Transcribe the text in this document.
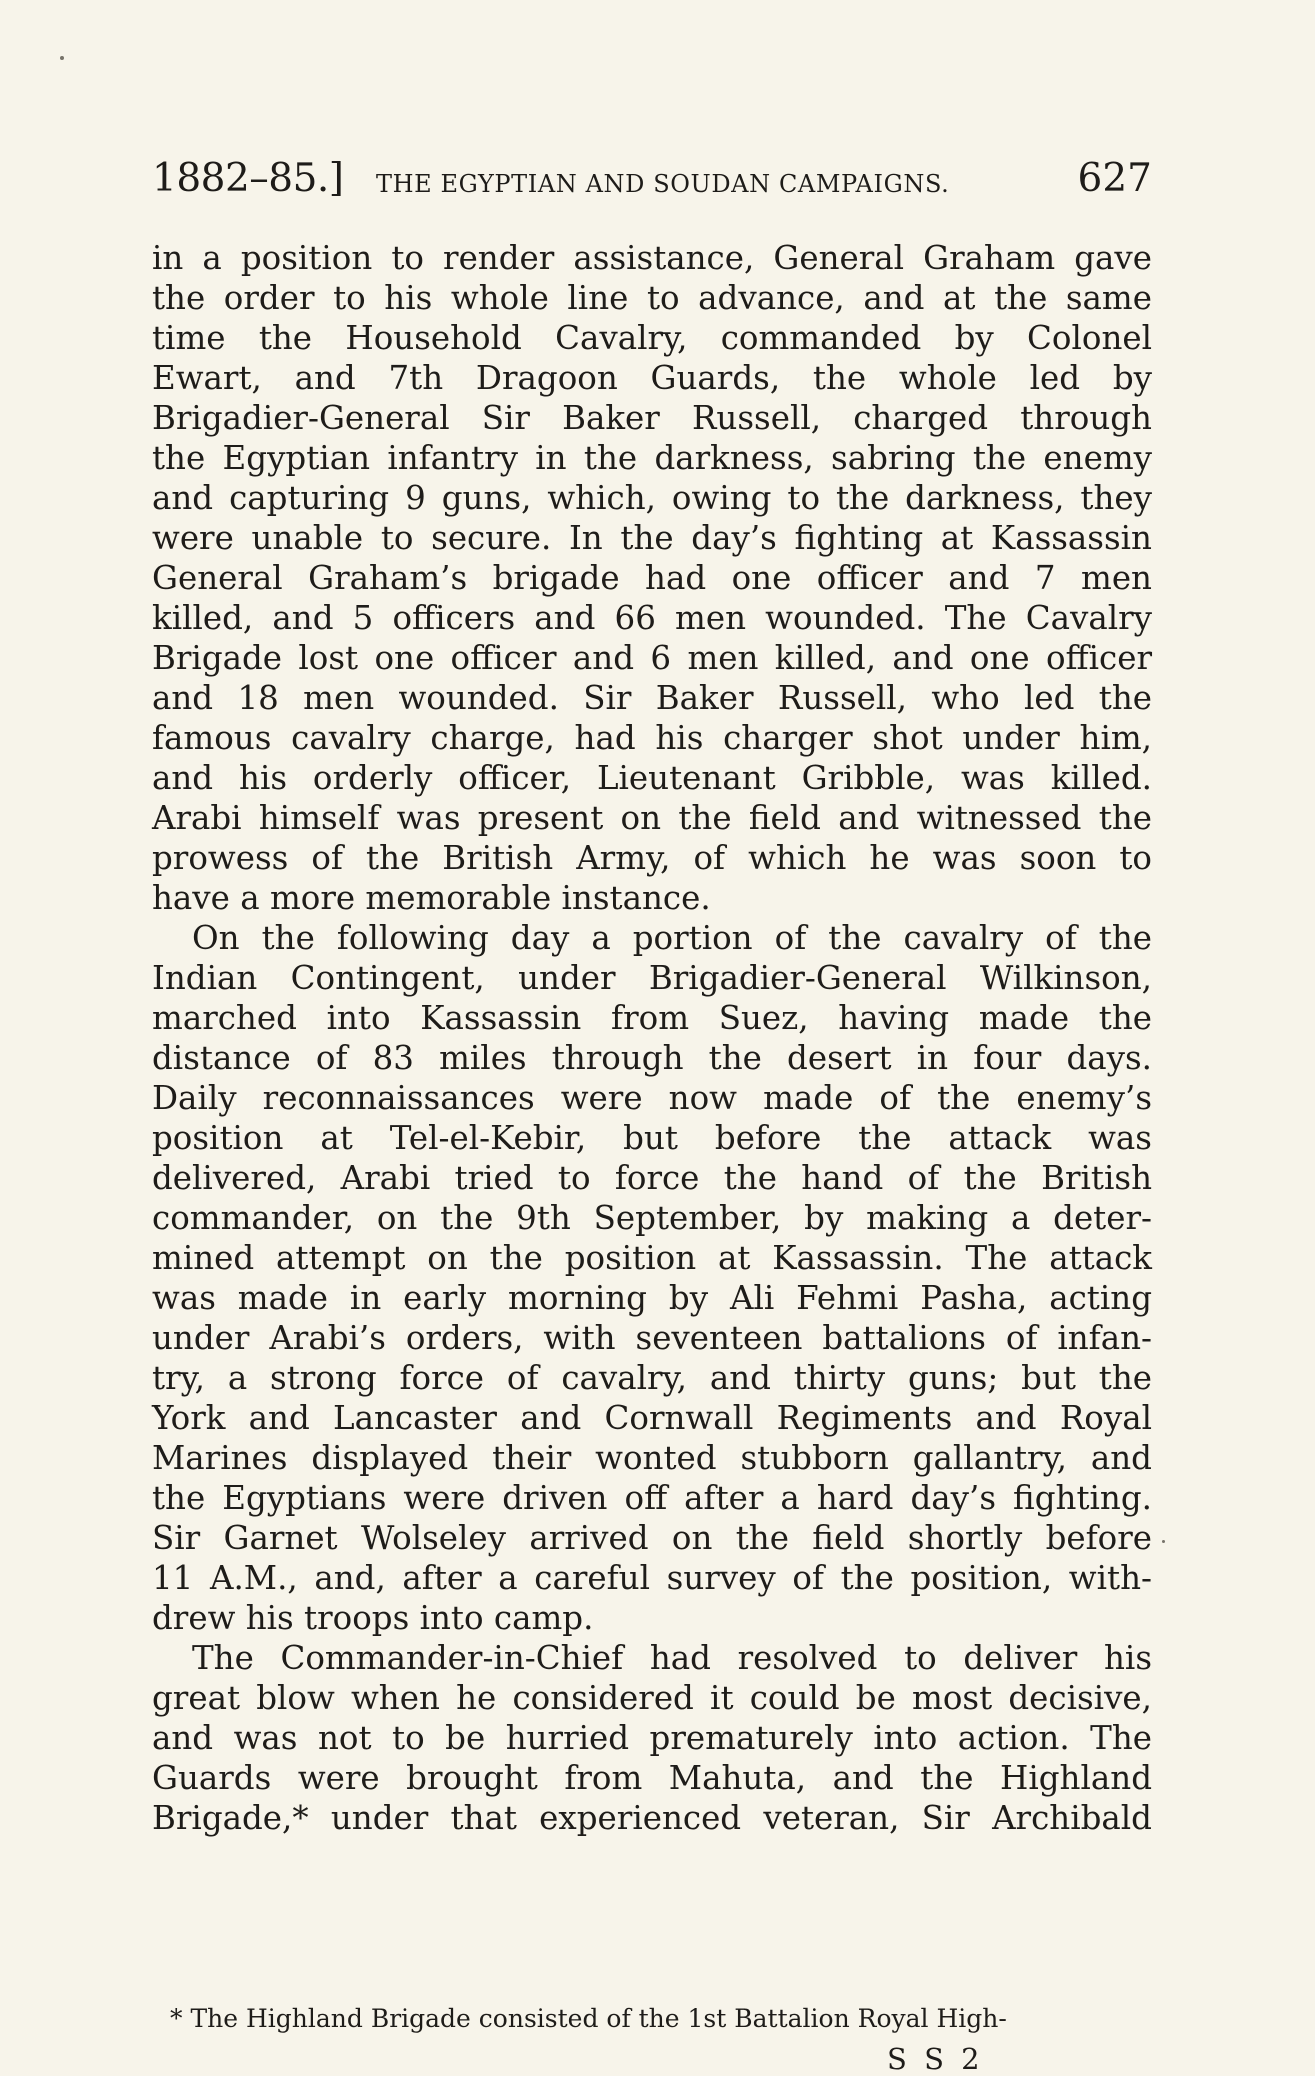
1882–85.] THE EGYPTIAN AND SOUDAN CAMPAIGNS.	627
in a position to render assistance, General Graham gave
the order to his whole line to advance, and at the same
time the Household Cavalry, commanded by Colonel
Ewart, and 7th Dragoon Guards, the whole led by
Brigadier-General Sir Baker Russell, charged through
the Egyptian infantry in the darkness, sabring the enemy
and capturing 9 guns, which, owing to the darkness, they
were unable to secure. In the day’s fighting at Kassassin
General Graham’s brigade had one officer and 7 men
killed, and 5 officers and 66 men wounded. The Cavalry
Brigade lost one officer and 6 men killed, and one officer
and 18 men wounded. Sir Baker Russell, who led the
famous cavalry charge, had his charger shot under him,
and his orderly officer, Lieutenant Gribble, was killed.
Arabi himself was present on the field and witnessed the
prowess of the British Army, of which he was soon to
have a more memorable instance.
On the following day a portion of the cavalry of the
Indian Contingent, under Brigadier-General Wilkinson,
marched into Kassassin from Suez, having made the
distance of 83 miles through the desert in four days.
Daily reconnaissances were now made of the enemy’s
position at Tel-el-Kebir, but before the attack was
delivered, Arabi tried to force the hand of the British
commander, on the 9th September, by making a deter-
mined attempt on the position at Kassassin. The attack
was made in early morning by Ali Fehmi Pasha, acting
under Arabi’s orders, with seventeen battalions of infan-
try, a strong force of cavalry, and thirty guns; but the
York and Lancaster and Cornwall Regiments and Royal
Marines displayed their wonted stubborn gallantry, and
the Egyptians were driven off after a hard day’s fighting.
Sir Garnet Wolseley arrived on the field shortly before
11 A.M., and, after a careful survey of the position, with-
drew his troops into camp.
The Commander-in-Chief had resolved to deliver his
great blow when he considered it could be most decisive,
and was not to be hurried prematurely into action. The
Guards were brought from Mahuta, and the Highland
Brigade,* under that experienced veteran, Sir Archibald
* The Highland Brigade consisted of the 1st Battalion Royal High-
S S 2
